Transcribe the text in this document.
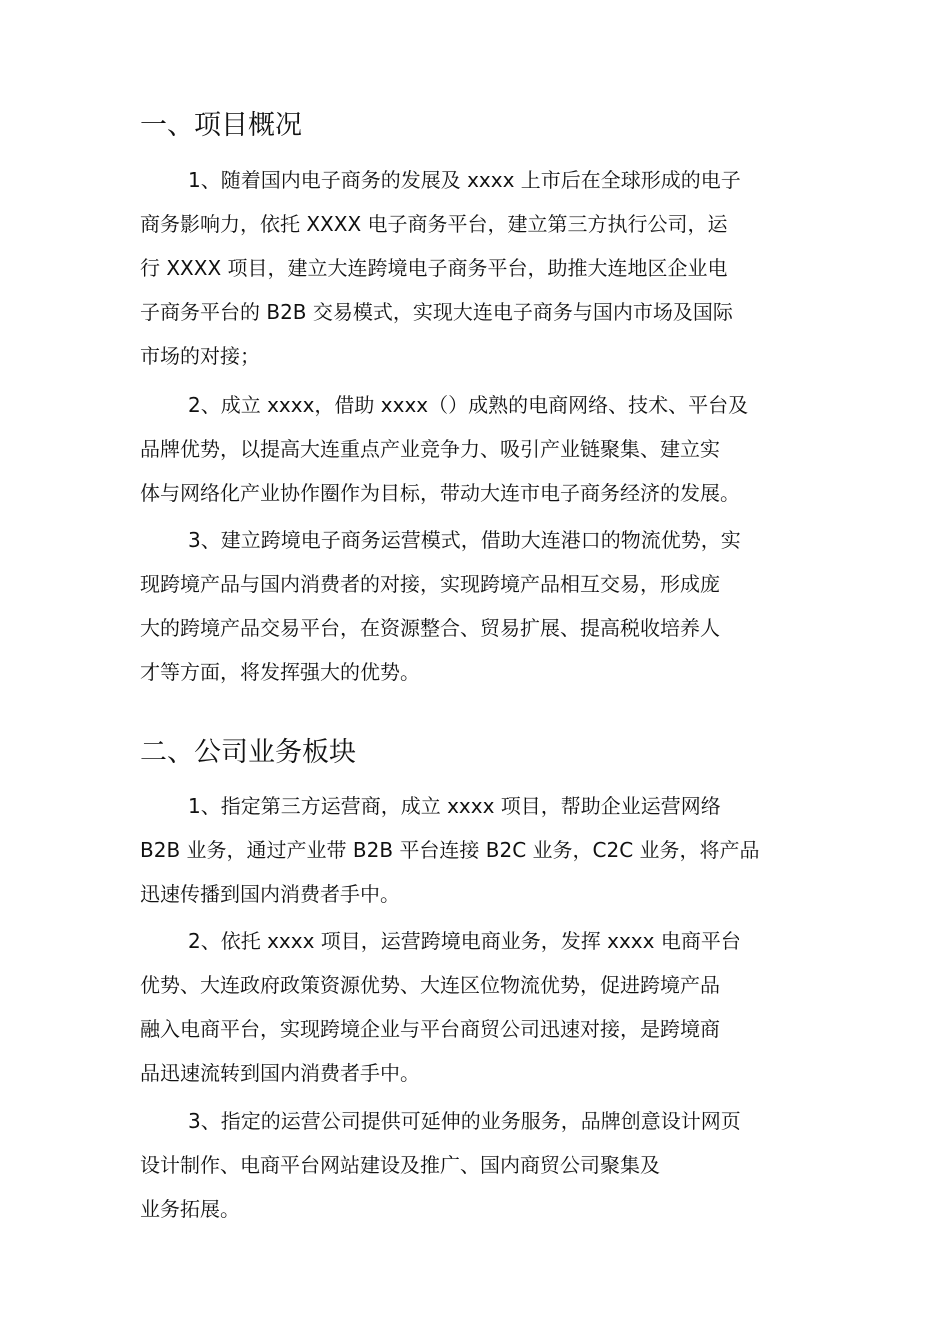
一、项目概况
1、随着国内电子商务的发展及 xxxx 上市后在全球形成的电子
商务影响力，依托 XXXX 电子商务平台，建立第三方执行公司，运
行 XXXX 项目，建立大连跨境电子商务平台，助推大连地区企业电
子商务平台的 B2B 交易模式，实现大连电子商务与国内市场及国际
市场的对接；
2、成立 xxxx，借助 xxxx（）成熟的电商网络、技术、平台及
品牌优势，以提高大连重点产业竞争力、吸引产业链聚集、建立实
体与网络化产业协作圈作为目标，带动大连市电子商务经济的发展。
3、建立跨境电子商务运营模式，借助大连港口的物流优势，实
现跨境产品与国内消费者的对接，实现跨境产品相互交易，形成庞
大的跨境产品交易平台，在资源整合、贸易扩展、提高税收培养人
才等方面，将发挥强大的优势。
二、公司业务板块
1、指定第三方运营商，成立 xxxx 项目，帮助企业运营网络
B2B 业务，通过产业带 B2B 平台连接 B2C 业务，C2C 业务，将产品
迅速传播到国内消费者手中。
2、依托 xxxx 项目，运营跨境电商业务，发挥 xxxx 电商平台
优势、大连政府政策资源优势、大连区位物流优势，促进跨境产品
融入电商平台，实现跨境企业与平台商贸公司迅速对接，是跨境商
品迅速流转到国内消费者手中。
3、指定的运营公司提供可延伸的业务服务，品牌创意设计网页
设计制作、电商平台网站建设及推广、国内商贸公司聚集及
业务拓展。
